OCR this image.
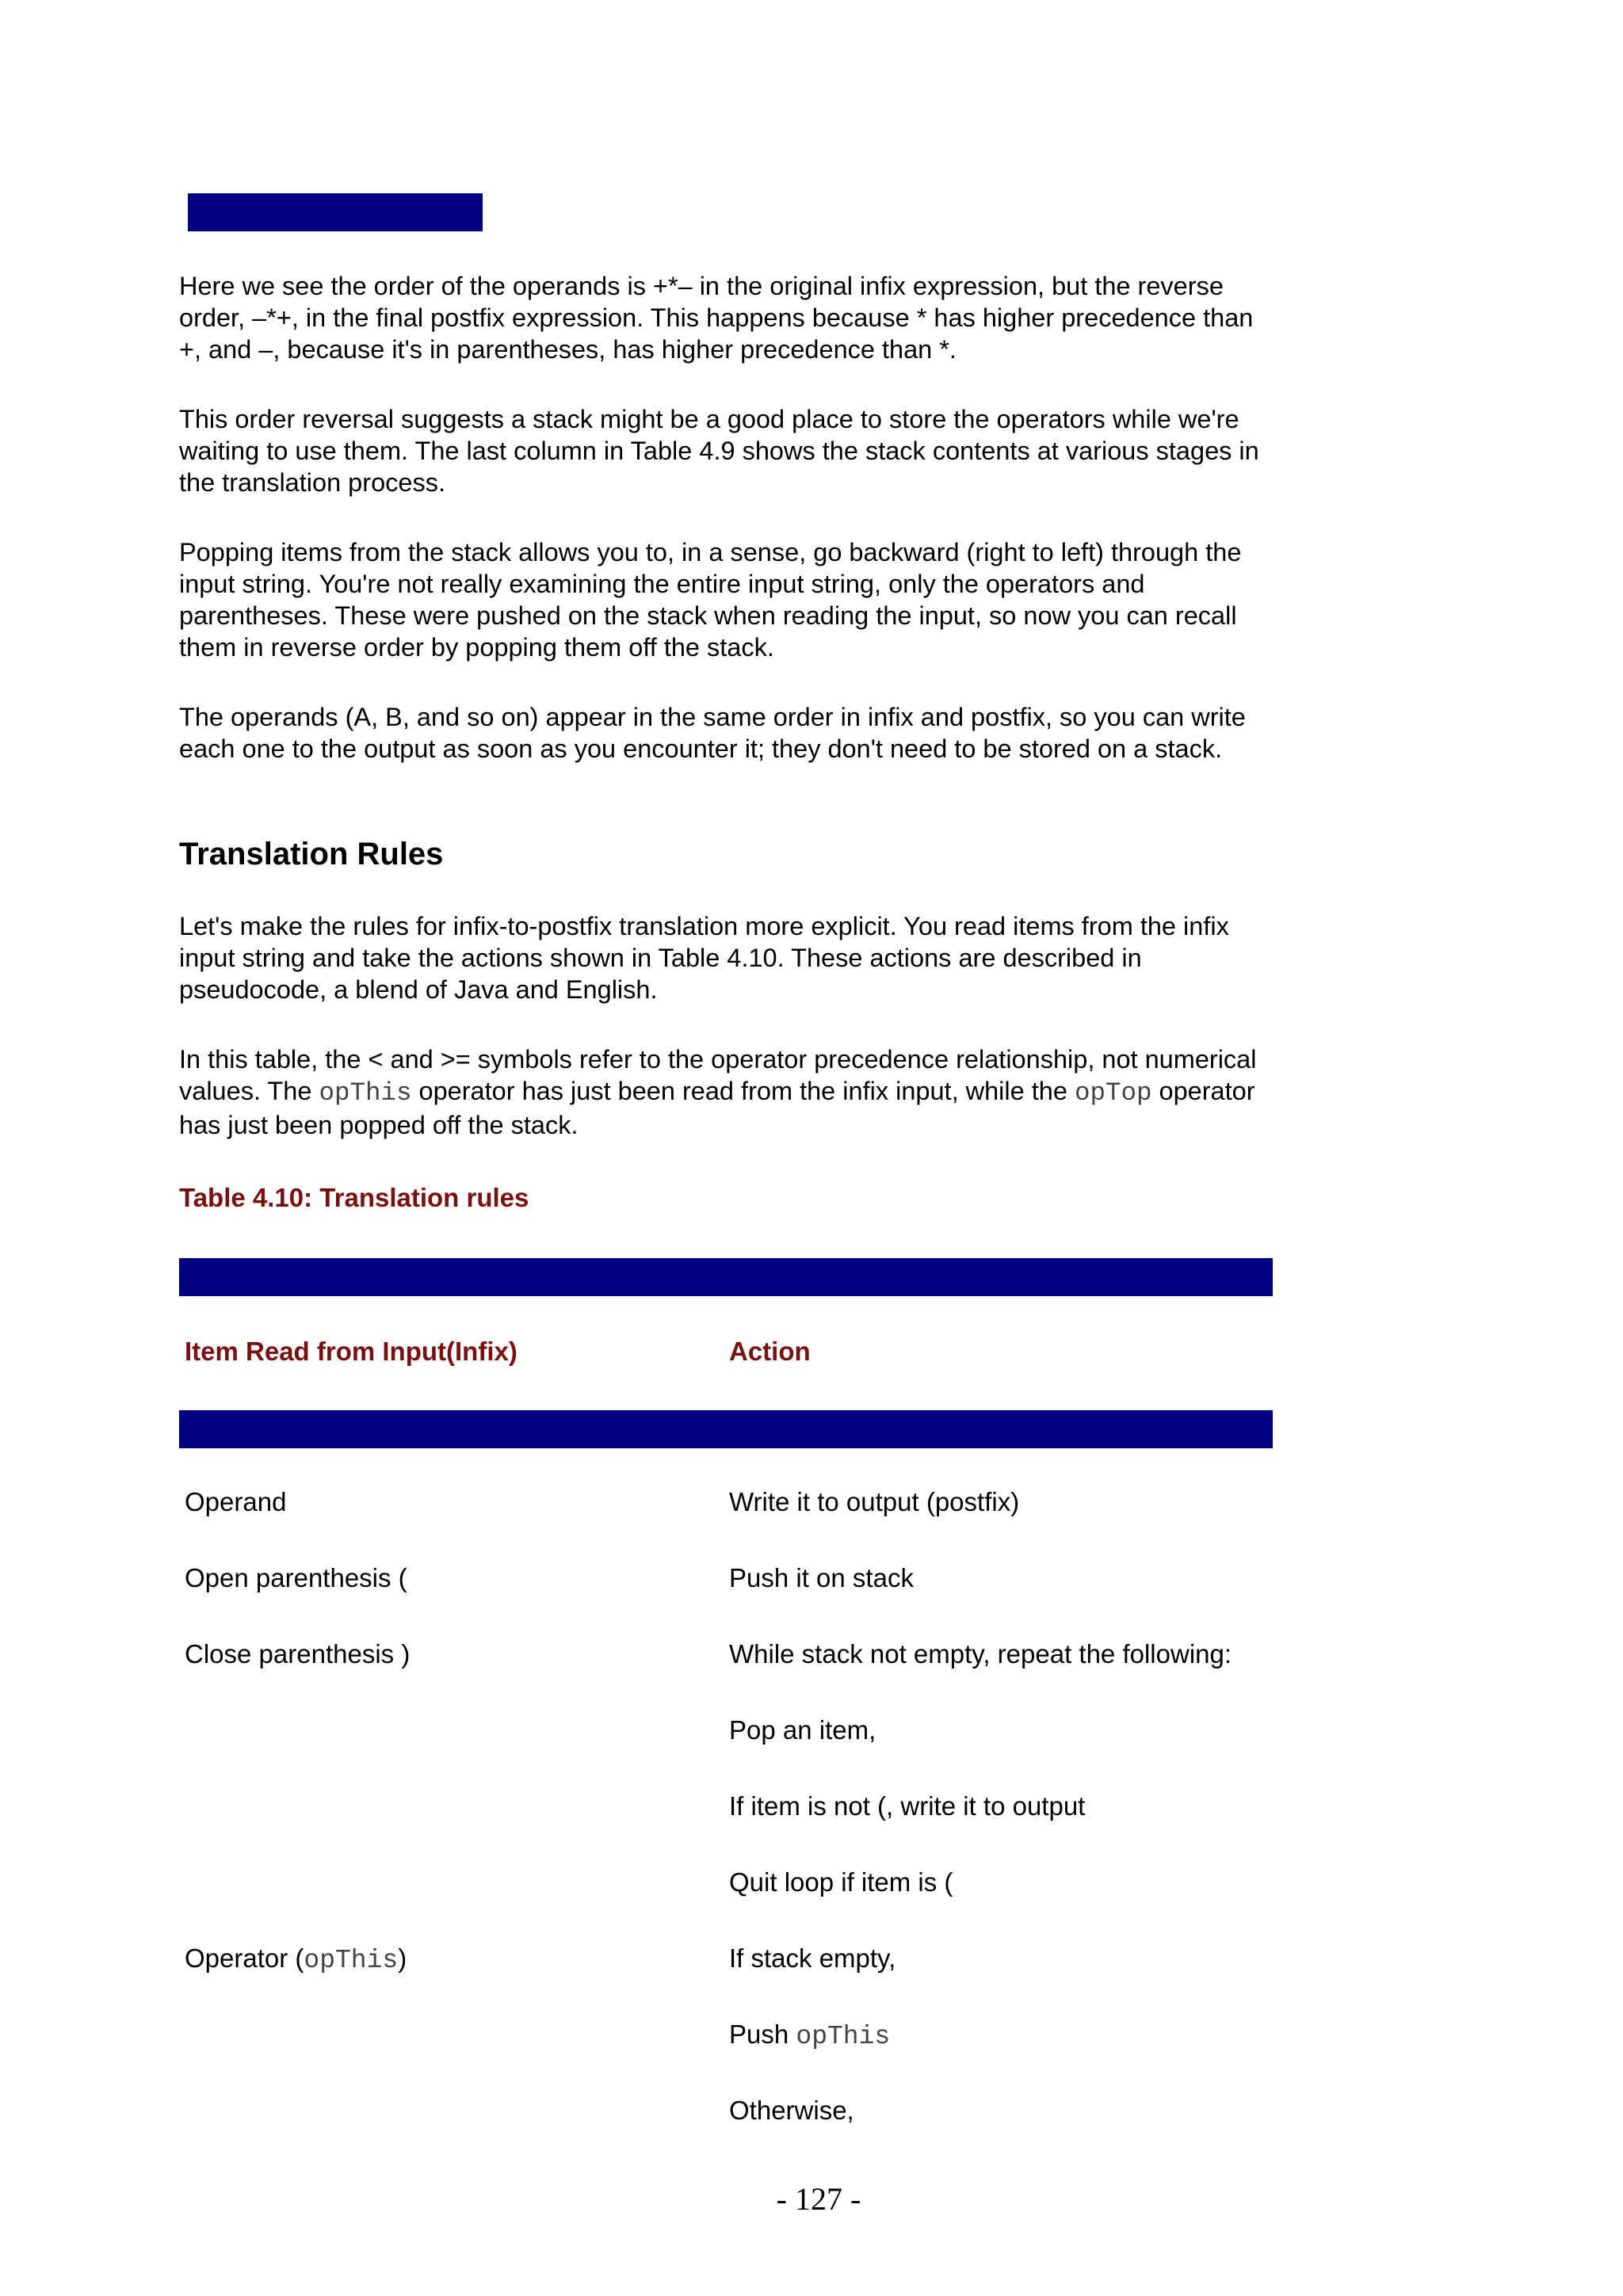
Here we see the order of the operands is +*– in the original infix expression, but the reverse order, –*+, in the final postfix expression. This happens because * has higher precedence than +, and –, because it's in parentheses, has higher precedence than *.

This order reversal suggests a stack might be a good place to store the operators while we're waiting to use them. The last column in Table 4.9 shows the stack contents at various stages in the translation process.

Popping items from the stack allows you to, in a sense, go backward (right to left) through the input string. You're not really examining the entire input string, only the operators and parentheses. These were pushed on the stack when reading the input, so now you can recall them in reverse order by popping them off the stack.

The operands (A, B, and so on) appear in the same order in infix and postfix, so you can write each one to the output as soon as you encounter it; they don't need to be stored on a stack.

Translation Rules

Let's make the rules for infix-to-postfix translation more explicit. You read items from the infix input string and take the actions shown in Table 4.10. These actions are described in pseudocode, a blend of Java and English.

In this table, the < and >= symbols refer to the operator precedence relationship, not numerical values. The opThis operator has just been read from the infix input, while the opTop operator has just been popped off the stack.

Table 4.10: Translation rules

Item Read from Input(Infix)	Action
Operand	Write it to output (postfix)
Open parenthesis (	Push it on stack
Close parenthesis )	While stack not empty, repeat the following:
Pop an item,
If item is not (, write it to output
Quit loop if item is (
Operator (opThis)	If stack empty,
Push opThis
Otherwise,
- 127 -
